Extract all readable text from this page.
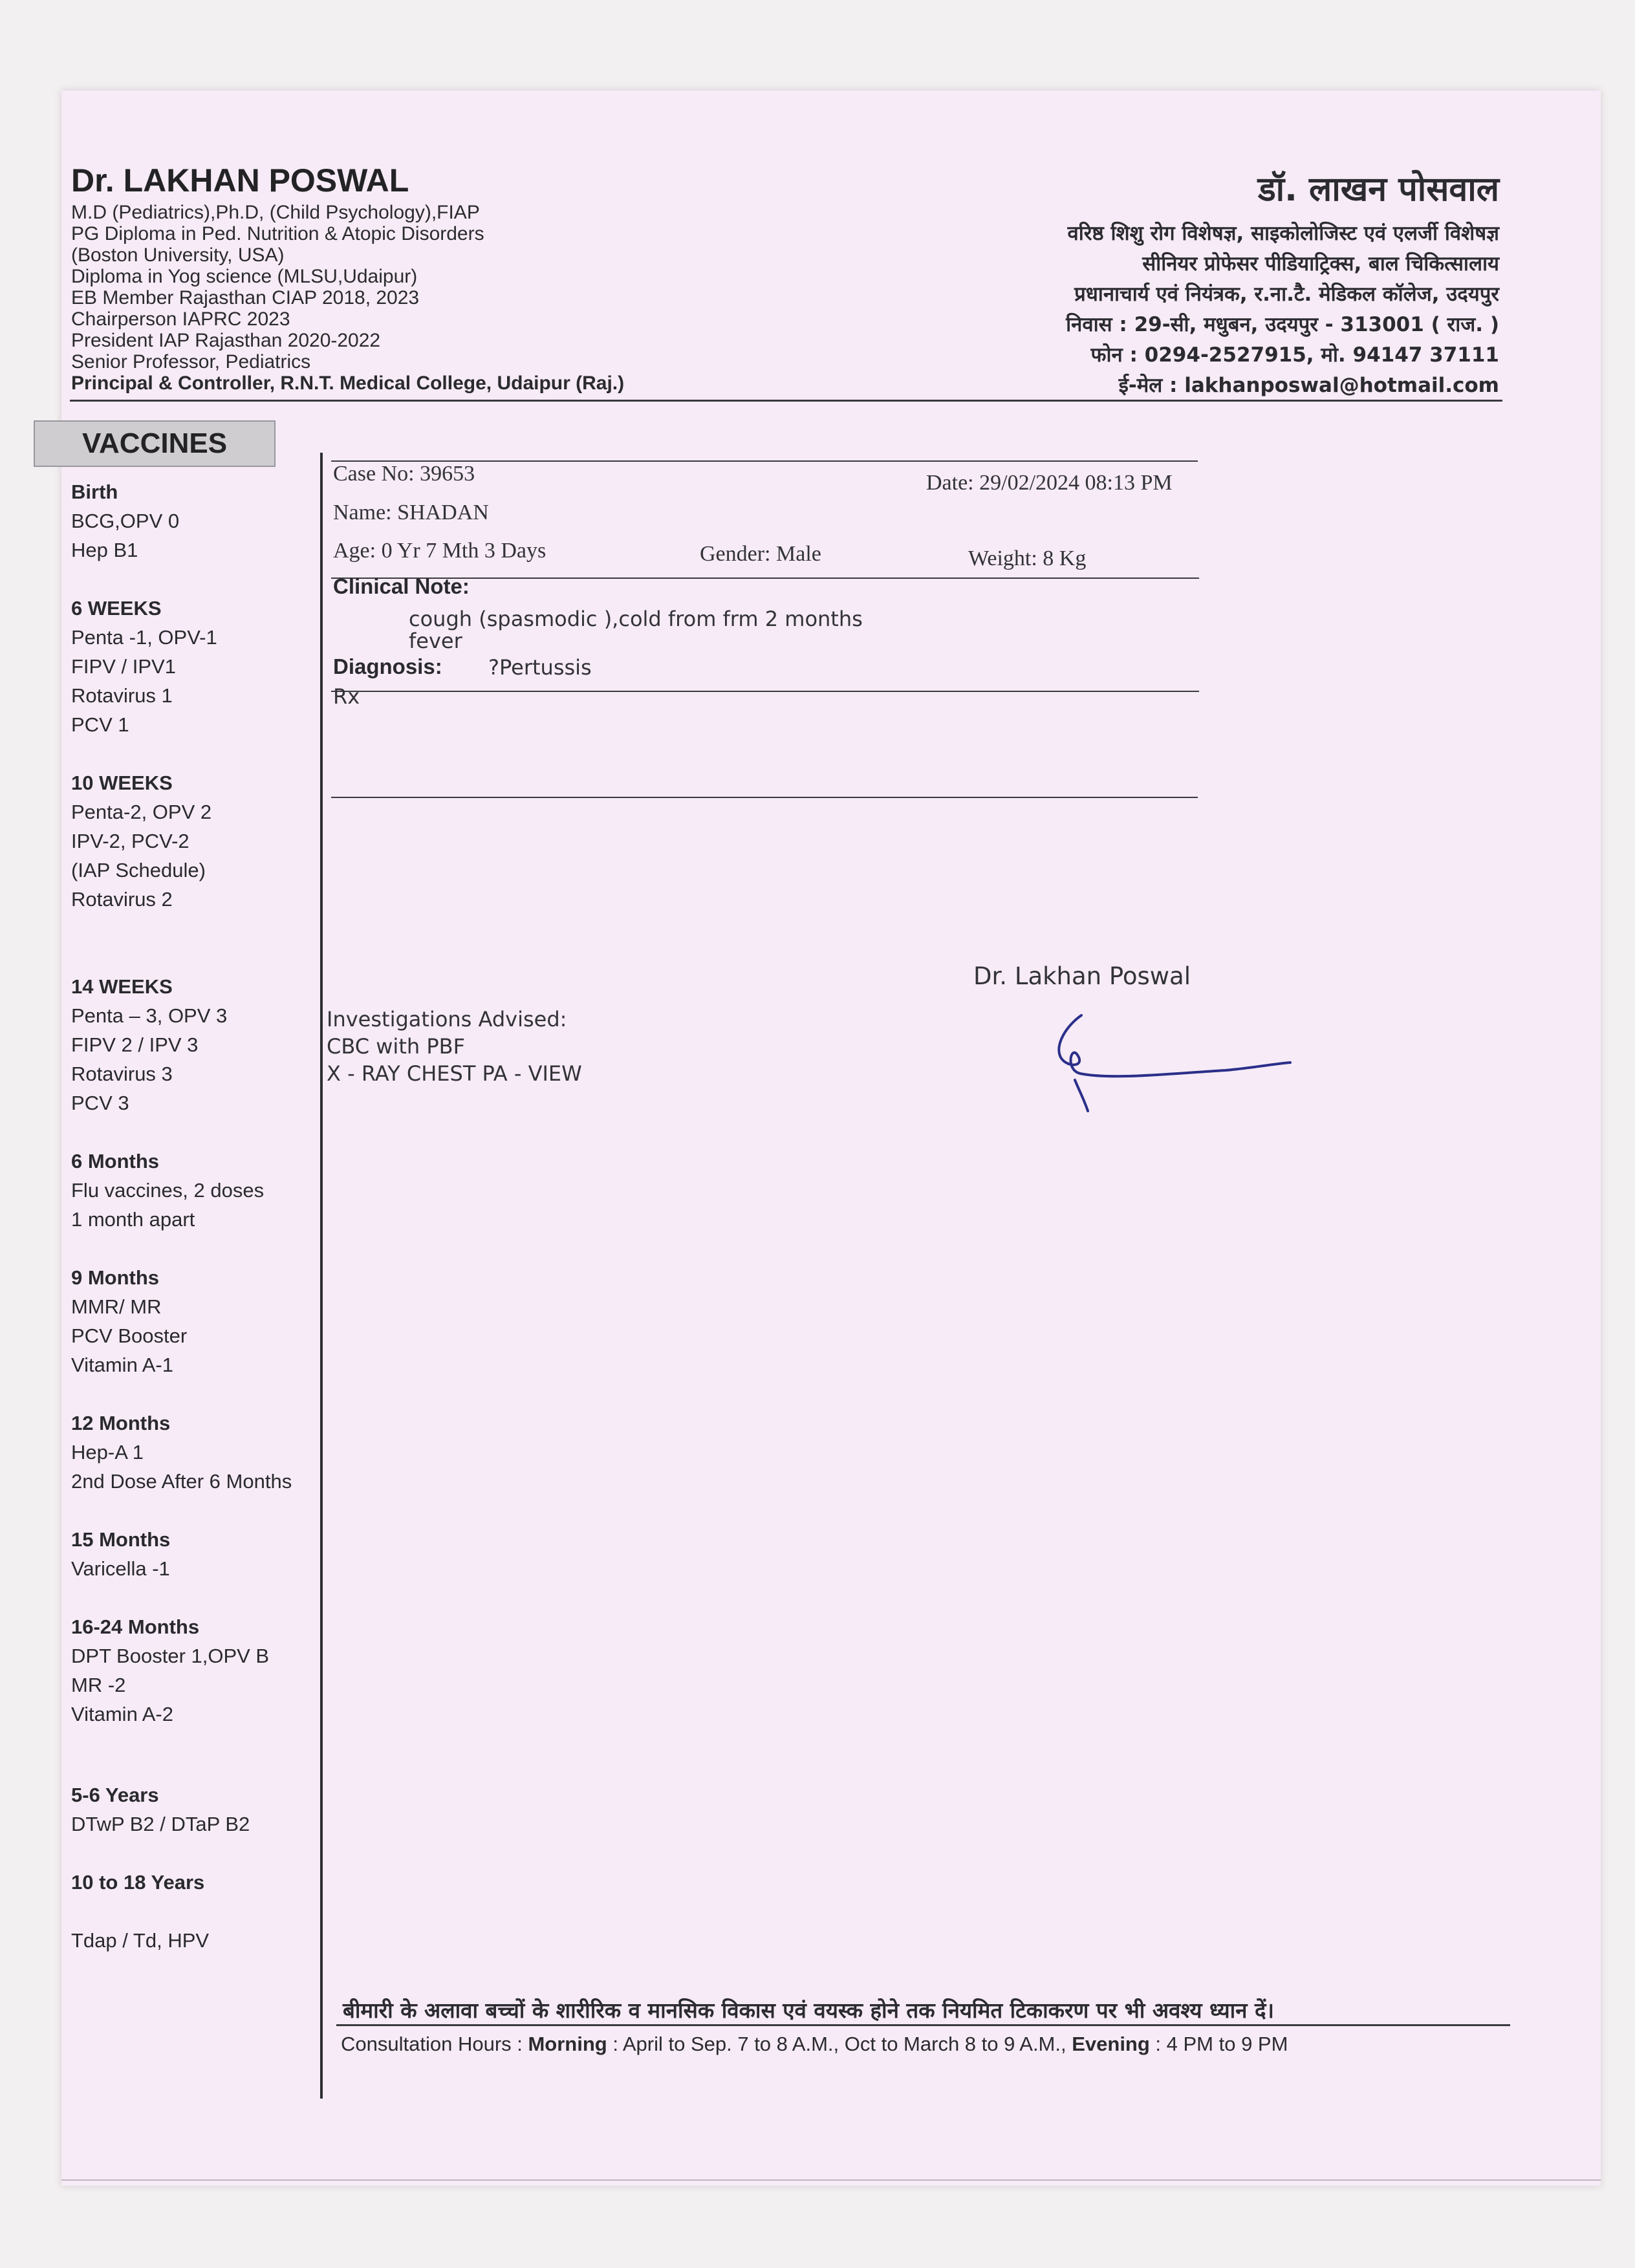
Dr. LAKHAN POSWAL
M.D (Pediatrics),Ph.D, (Child Psychology),FIAP
PG Diploma in Ped. Nutrition & Atopic Disorders
(Boston University, USA)
Diploma in Yog science (MLSU,Udaipur)
EB Member Rajasthan CIAP 2018, 2023
Chairperson IAPRC 2023
President IAP Rajasthan 2020-2022
Senior Professor, Pediatrics
Principal & Controller, R.N.T. Medical College, Udaipur (Raj.)
डॉ. लाखन पोसवाल
वरिष्ठ शिशु रोग विशेषज्ञ, साइकोलोजिस्ट एवं एलर्जी विशेषज्ञ
सीनियर प्रोफेसर पीडियाट्रिक्स, बाल चिकित्सालाय
प्रधानाचार्य एवं नियंत्रक, र.ना.टै. मेडिकल कॉलेज, उदयपुर
निवास : 29-सी, मधुबन, उदयपुर - 313001 ( राज. )
फोन : 0294-2527915, मो. 94147 37111
ई-मेल : lakhanposwal@hotmail.com
VACCINES
Birth
BCG,OPV 0
Hep B1
6 WEEKS
Penta -1, OPV-1
FIPV / IPV1
Rotavirus 1
PCV 1
10 WEEKS
Penta-2, OPV 2
IPV-2, PCV-2
(IAP Schedule)
Rotavirus 2
14 WEEKS
Penta – 3, OPV 3
FIPV 2 / IPV 3
Rotavirus 3
PCV 3
6 Months
Flu vaccines, 2 doses
1 month apart
9 Months
MMR/ MR
PCV Booster
Vitamin A-1
12 Months
Hep-A 1
2nd Dose After 6 Months
15 Months
Varicella -1
16-24 Months
DPT Booster 1,OPV B
MR -2
Vitamin A-2
5-6 Years
DTwP B2 / DTaP B2
10 to 18 Years
Tdap / Td, HPV
Case No: 39653	Date: 29/02/2024 08:13 PM
Name: SHADAN
Age: 0 Yr 7 Mth 3 Days	Gender: Male	Weight: 8 Kg
Clinical Note:
cough (spasmodic ),cold from frm 2 months
fever
Diagnosis: ?Pertussis
Rx
Dr. Lakhan Poswal
Investigations Advised:
CBC with PBF
X - RAY CHEST PA - VIEW
बीमारी के अलावा बच्चों के शारीरिक व मानसिक विकास एवं वयस्क होने तक नियमित टिकाकरण पर भी अवश्य ध्यान दें।
Consultation Hours : Morning : April to Sep. 7 to 8 A.M., Oct to March 8 to 9 A.M., Evening : 4 PM to 9 PM
